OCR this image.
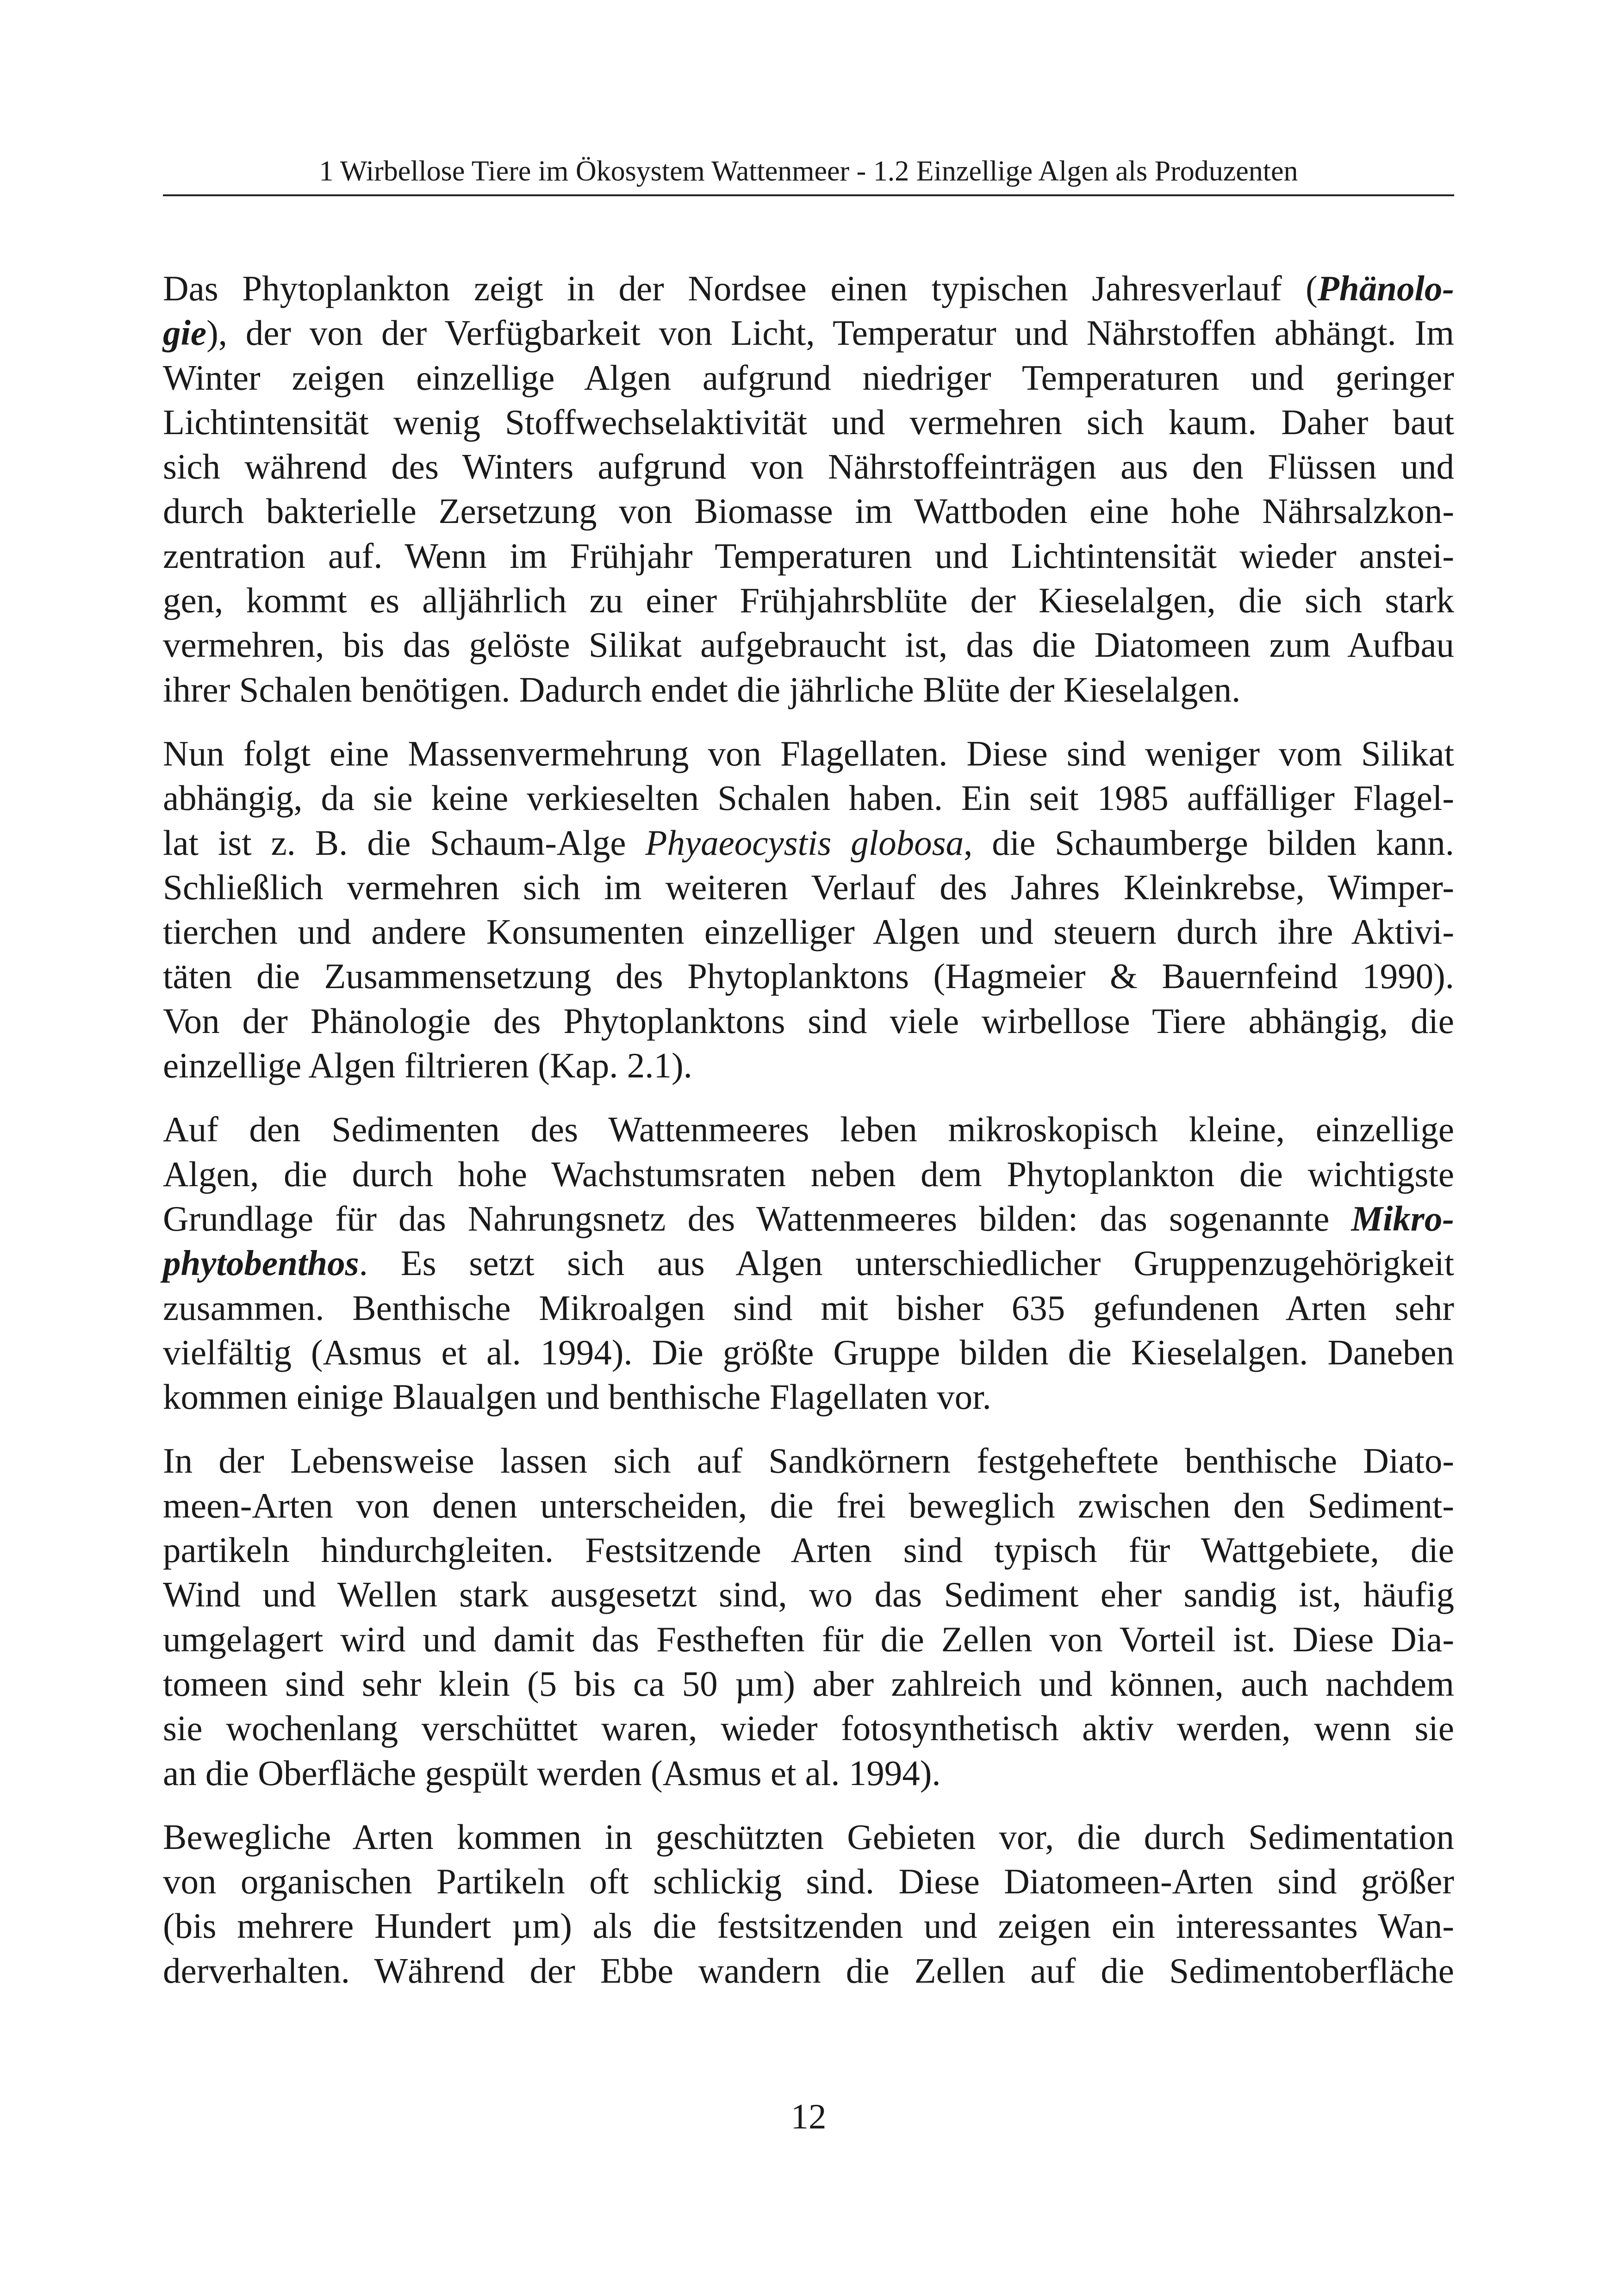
1 Wirbellose Tiere im Ökosystem Wattenmeer - 1.2 Einzellige Algen als Produzenten

Das Phytoplankton zeigt in der Nordsee einen typischen Jahresverlauf (Phänolo-
gie), der von der Verfügbarkeit von Licht, Temperatur und Nährstoffen abhängt. Im
Winter zeigen einzellige Algen aufgrund niedriger Temperaturen und geringer
Lichtintensität wenig Stoffwechselaktivität und vermehren sich kaum. Daher baut
sich während des Winters aufgrund von Nährstoffeinträgen aus den Flüssen und
durch bakterielle Zersetzung von Biomasse im Wattboden eine hohe Nährsalzkon-
zentration auf. Wenn im Frühjahr Temperaturen und Lichtintensität wieder anstei-
gen, kommt es alljährlich zu einer Frühjahrsblüte der Kieselalgen, die sich stark
vermehren, bis das gelöste Silikat aufgebraucht ist, das die Diatomeen zum Aufbau
ihrer Schalen benötigen. Dadurch endet die jährliche Blüte der Kieselalgen.

Nun folgt eine Massenvermehrung von Flagellaten. Diese sind weniger vom Silikat
abhängig, da sie keine verkieselten Schalen haben. Ein seit 1985 auffälliger Flagel-
lat ist z. B. die Schaum-Alge Phyaeocystis globosa, die Schaumberge bilden kann.
Schließlich vermehren sich im weiteren Verlauf des Jahres Kleinkrebse, Wimper-
tierchen und andere Konsumenten einzelliger Algen und steuern durch ihre Aktivi-
täten die Zusammensetzung des Phytoplanktons (Hagmeier & Bauernfeind 1990).
Von der Phänologie des Phytoplanktons sind viele wirbellose Tiere abhängig, die
einzellige Algen filtrieren (Kap. 2.1).

Auf den Sedimenten des Wattenmeeres leben mikroskopisch kleine, einzellige
Algen, die durch hohe Wachstumsraten neben dem Phytoplankton die wichtigste
Grundlage für das Nahrungsnetz des Wattenmeeres bilden: das sogenannte Mikro-
phytobenthos. Es setzt sich aus Algen unterschiedlicher Gruppenzugehörigkeit
zusammen. Benthische Mikroalgen sind mit bisher 635 gefundenen Arten sehr
vielfältig (Asmus et al. 1994). Die größte Gruppe bilden die Kieselalgen. Daneben
kommen einige Blaualgen und benthische Flagellaten vor.

In der Lebensweise lassen sich auf Sandkörnern festgeheftete benthische Diato-
meen-Arten von denen unterscheiden, die frei beweglich zwischen den Sediment-
partikeln hindurchgleiten. Festsitzende Arten sind typisch für Wattgebiete, die
Wind und Wellen stark ausgesetzt sind, wo das Sediment eher sandig ist, häufig
umgelagert wird und damit das Festheften für die Zellen von Vorteil ist. Diese Dia-
tomeen sind sehr klein (5 bis ca 50 µm) aber zahlreich und können, auch nachdem
sie wochenlang verschüttet waren, wieder fotosynthetisch aktiv werden, wenn sie
an die Oberfläche gespült werden (Asmus et al. 1994).

Bewegliche Arten kommen in geschützten Gebieten vor, die durch Sedimentation
von organischen Partikeln oft schlickig sind. Diese Diatomeen-Arten sind größer
(bis mehrere Hundert µm) als die festsitzenden und zeigen ein interessantes Wan-
derverhalten. Während der Ebbe wandern die Zellen auf die Sedimentoberfläche

12
